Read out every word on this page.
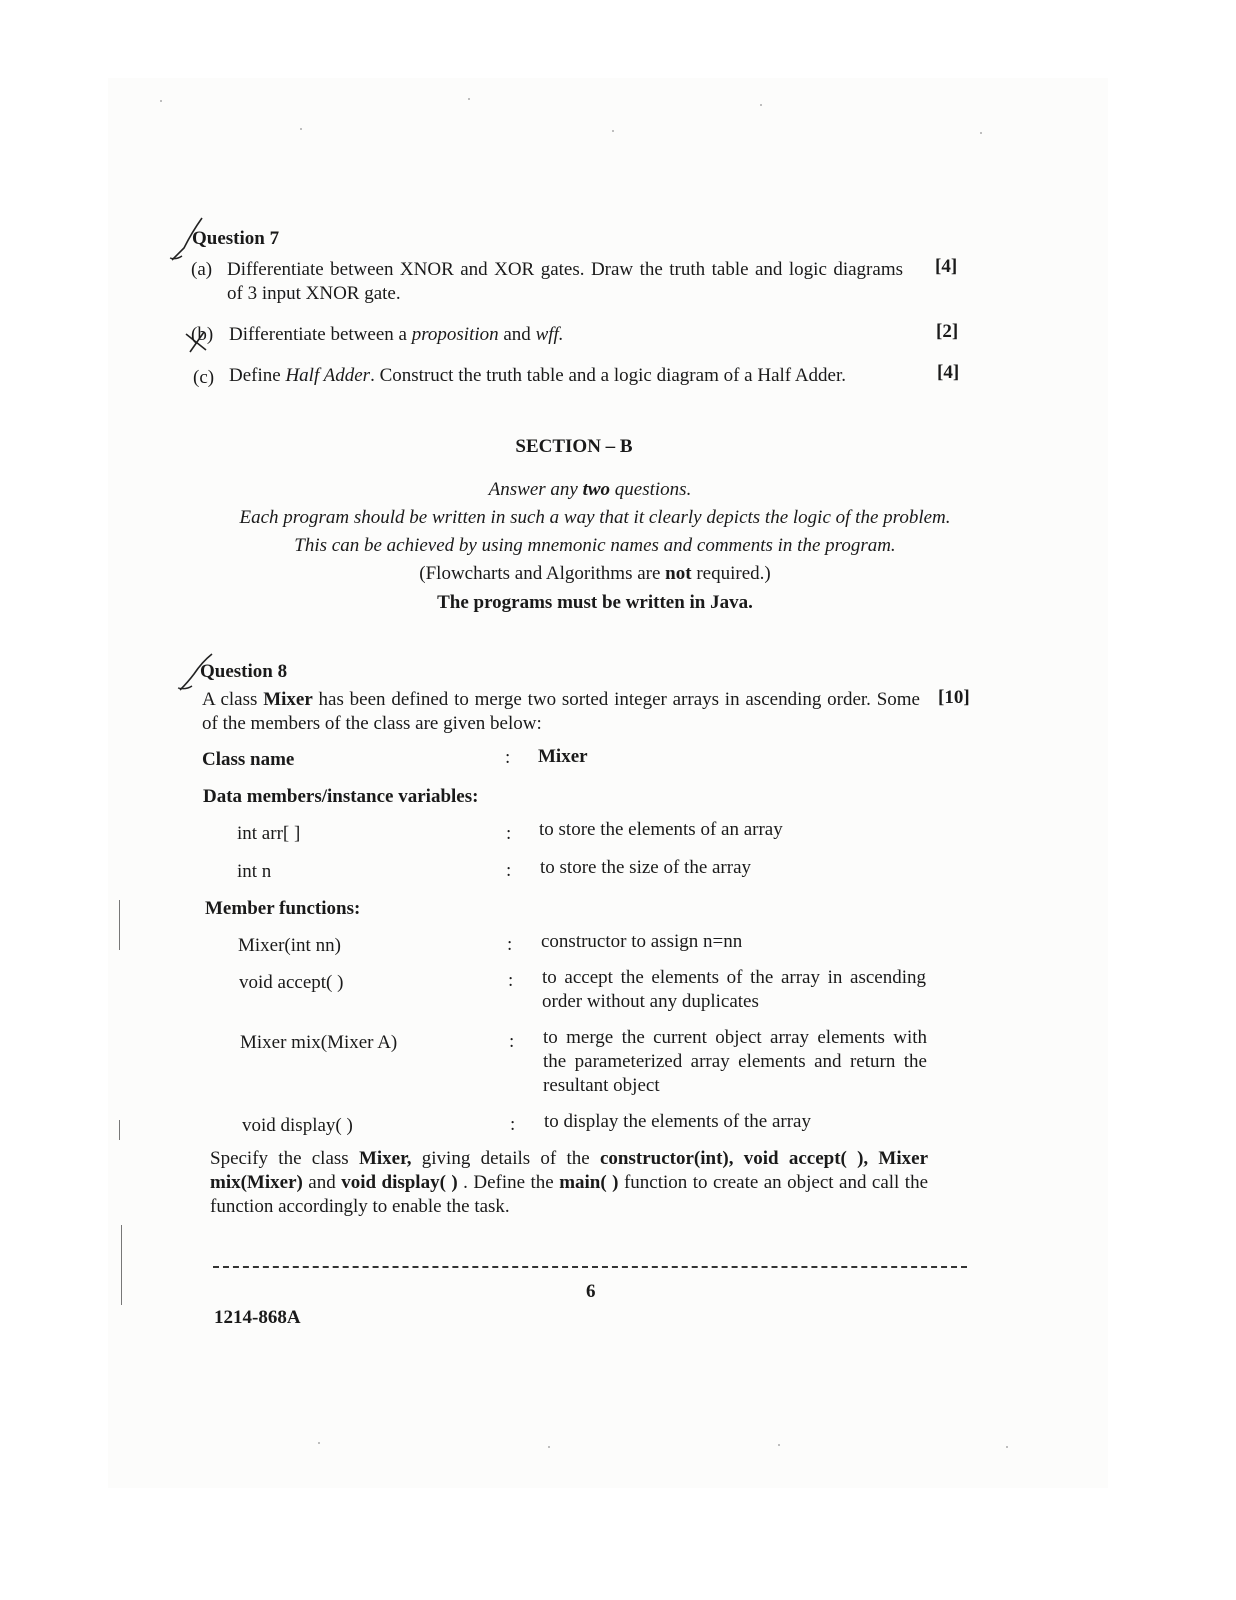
Question 7
(a) Differentiate between XNOR and XOR gates. Draw the truth table and logic diagrams of 3 input XNOR gate.
[4]
(b) Differentiate between a proposition and wff.	[2]
(c) Define Half Adder. Construct the truth table and a logic diagram of a Half Adder.	[4]
SECTION – B
Answer any two questions.
Each program should be written in such a way that it clearly depicts the logic of the problem.
This can be achieved by using mnemonic names and comments in the program.
(Flowcharts and Algorithms are not required.)
The programs must be written in Java.
Question 8
A class Mixer has been defined to merge two sorted integer arrays in ascending order. Some of the members of the class are given below:
[10]
Class name	: Mixer
Data members/instance variables:
int arr[ ]	: to store the elements of an array
int n	: to store the size of the array
Member functions:
Mixer(int nn)	: constructor to assign n=nn
void accept( )	: to accept the elements of the array in ascending order without any duplicates
Mixer mix(Mixer A)	: to merge the current object array elements with the parameterized array elements and return the resultant object
void display( )	: to display the elements of the array
Specify the class Mixer, giving details of the constructor(int), void accept( ), Mixer mix(Mixer) and void display( ) . Define the main( ) function to create an object and call the function accordingly to enable the task.
6
1214-868A
